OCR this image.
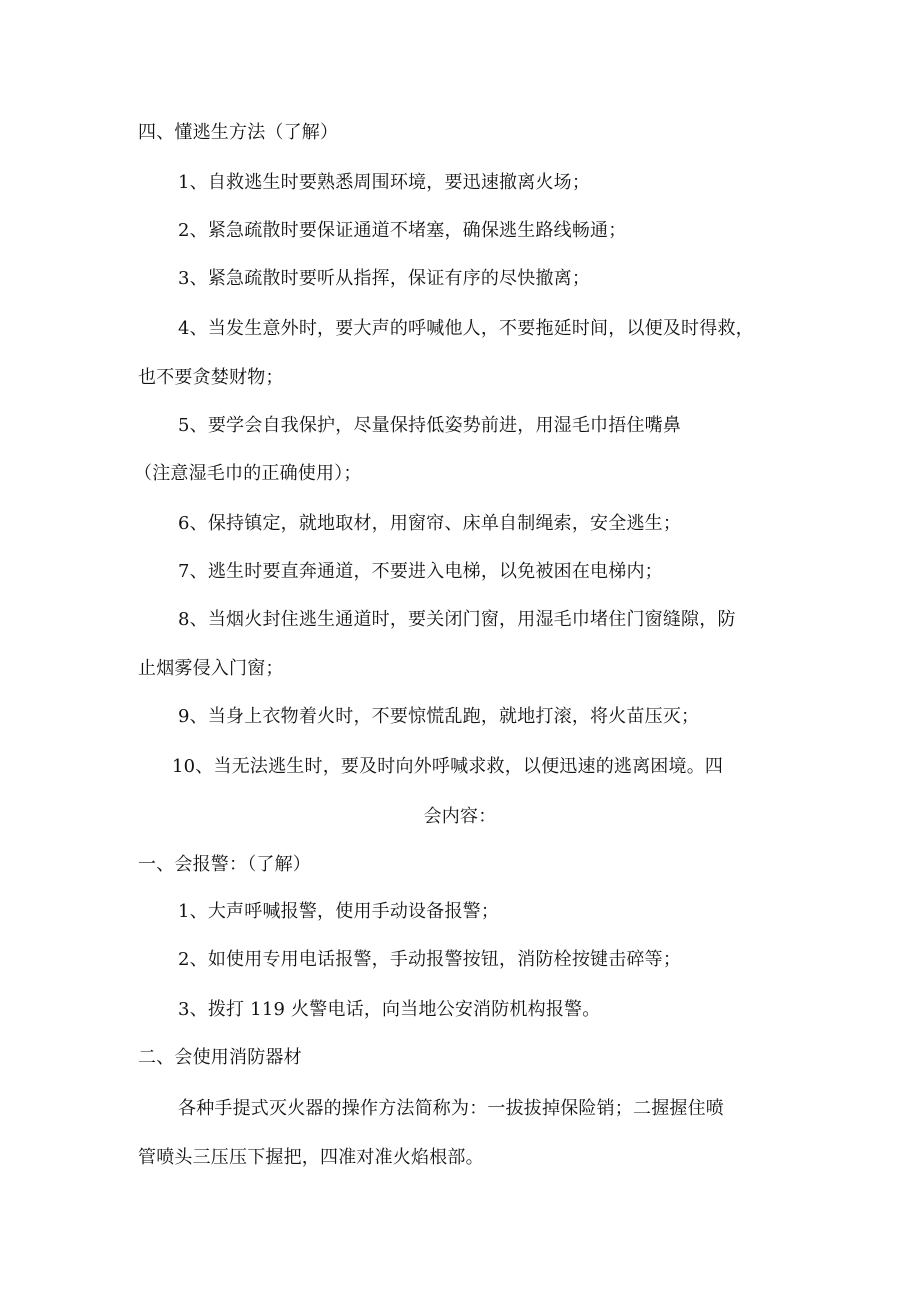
四、懂逃生方法（了解）
1、自救逃生时要熟悉周围环境，要迅速撤离火场；
2、紧急疏散时要保证通道不堵塞，确保逃生路线畅通；
3、紧急疏散时要听从指挥，保证有序的尽快撤离；
4、当发生意外时，要大声的呼喊他人，不要拖延时间，以便及时得救，
也不要贪婪财物；
5、要学会自我保护，尽量保持低姿势前进，用湿毛巾捂住嘴鼻
（注意湿毛巾的正确使用）；
6、保持镇定，就地取材，用窗帘、床单自制绳索，安全逃生；
7、逃生时要直奔通道，不要进入电梯，以免被困在电梯内；
8、当烟火封住逃生通道时，要关闭门窗，用湿毛巾堵住门窗缝隙，防
止烟雾侵入门窗；
9、当身上衣物着火时，不要惊慌乱跑，就地打滚，将火苗压灭；
10、当无法逃生时，要及时向外呼喊求救，以便迅速的逃离困境。四
会内容：
一、会报警：（了解）
1、大声呼喊报警，使用手动设备报警；
2、如使用专用电话报警，手动报警按钮，消防栓按键击碎等；
3、拨打 119 火警电话，向当地公安消防机构报警。
二、会使用消防器材
各种手提式灭火器的操作方法简称为：一拔拔掉保险销；二握握住喷
管喷头三压压下握把，四准对准火焰根部。
